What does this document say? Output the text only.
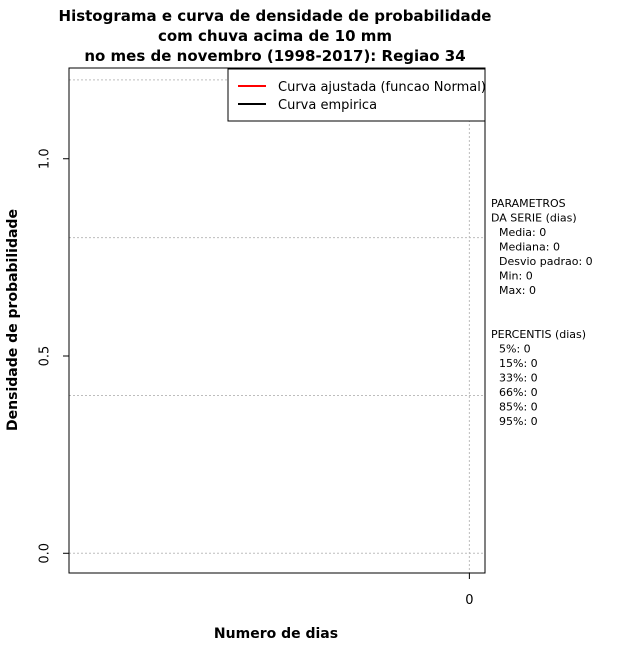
Histograma e curva de densidade de probabilidade
com chuva acima de 10 mm
no mes de novembro (1998-2017): Regiao 34
0.0
0.5
1.0
0
Numero de dias
Densidade de probabilidade
Curva ajustada (funcao Normal)
Curva empirica
PARAMETROS
DA SERIE (dias)
Media: 0
Mediana: 0
Desvio padrao: 0
Min: 0
Max: 0
PERCENTIS (dias)
5%: 0
15%: 0
33%: 0
66%: 0
85%: 0
95%: 0
